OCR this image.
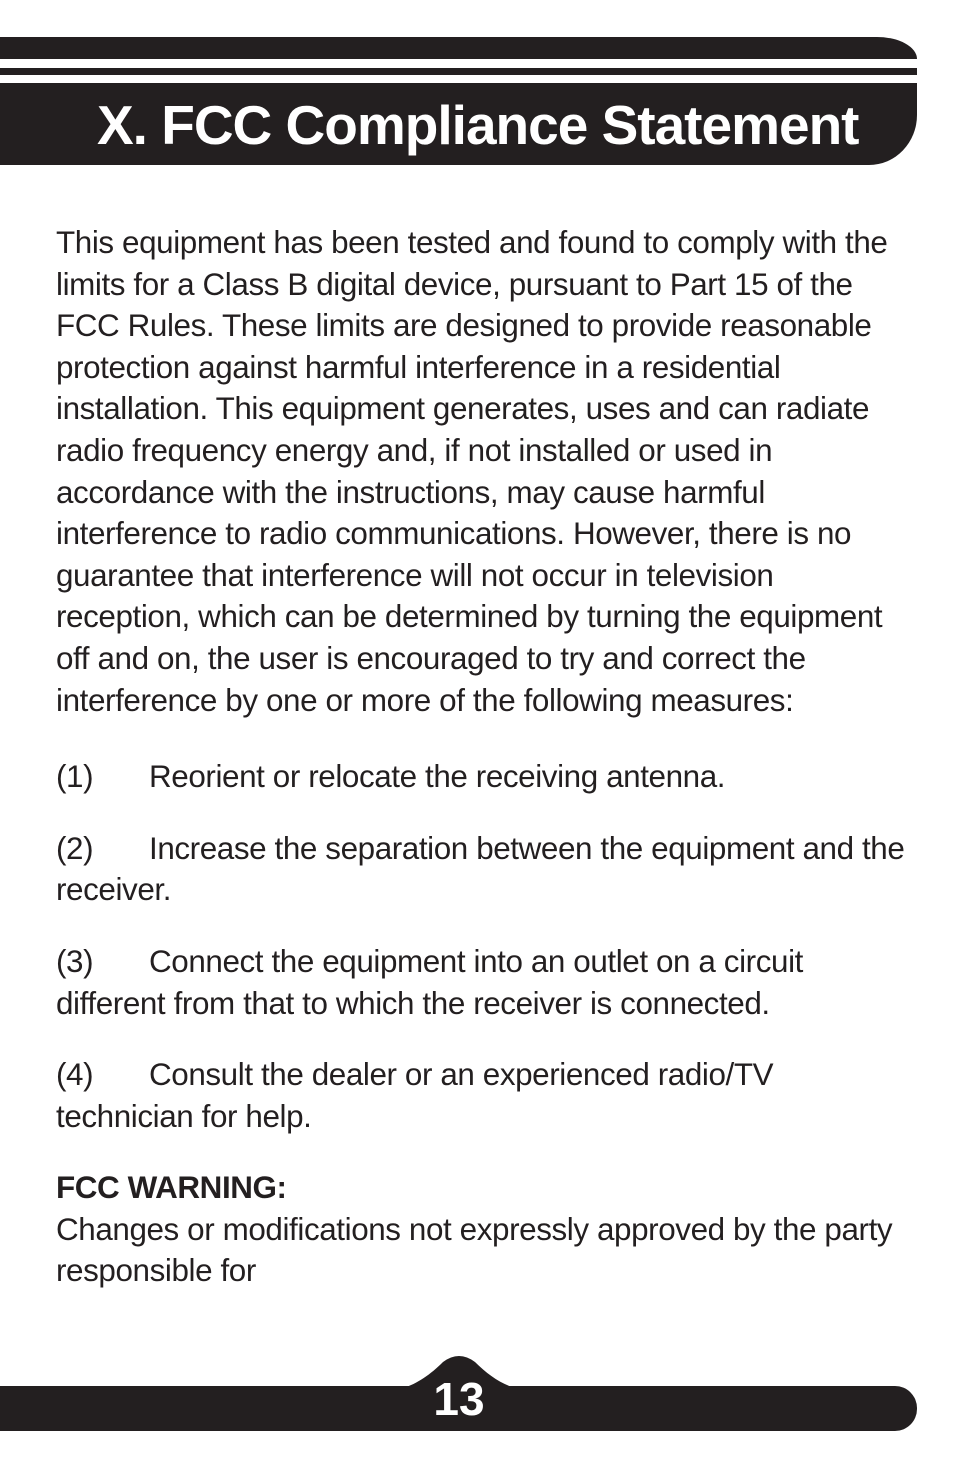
X. FCC Compliance Statement

This equipment has been tested and found to comply with the limits for a Class B digital device, pursuant to Part 15 of the FCC Rules. These limits are designed to provide reasonable protection against harmful interference in a residential installation. This equipment generates, uses and can radiate radio frequency energy and, if not installed or used in accordance with the instructions, may cause harmful interference to radio communications. However, there is no guarantee that interference will not occur in television reception, which can be determined by turning the equipment off and on, the user is encouraged to try and correct the interference by one or more of the following measures:

(1) Reorient or relocate the receiving antenna.

(2) Increase the separation between the equipment and the receiver.

(3) Connect the equipment into an outlet on a circuit different from that to which the receiver is connected.

(4) Consult the dealer or an experienced radio/TV technician for help.

FCC WARNING:

Changes or modifications not expressly approved by the party responsible for

13
